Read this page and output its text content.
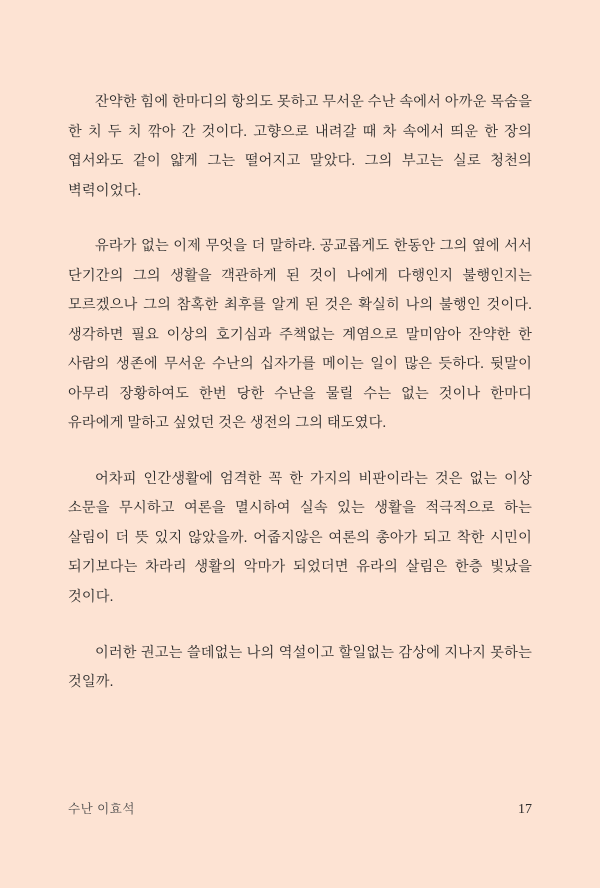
잔약한 힘에 한마디의 항의도 못하고 무서운 수난 속에서 아까운 목숨을 한 치 두 치 깎아 간 것이다. 고향으로 내려갈 때 차 속에서 띄운 한 장의 엽서와도 같이 얇게 그는 떨어지고 말았다. 그의 부고는 실로 청천의 벽력이었다.

유라가 없는 이제 무엇을 더 말하랴. 공교롭게도 한동안 그의 옆에 서서 단기간의 그의 생활을 객관하게 된 것이 나에게 다행인지 불행인지는 모르겠으나 그의 참혹한 최후를 알게 된 것은 확실히 나의 불행인 것이다. 생각하면 필요 이상의 호기심과 주책없는 계염으로 말미암아 잔약한 한 사람의 생존에 무서운 수난의 십자가를 메이는 일이 많은 듯하다. 뒷말이 아무리 장황하여도 한번 당한 수난을 물릴 수는 없는 것이나 한마디 유라에게 말하고 싶었던 것은 생전의 그의 태도였다.

어차피 인간생활에 엄격한 꼭 한 가지의 비판이라는 것은 없는 이상 소문을 무시하고 여론을 멸시하여 실속 있는 생활을 적극적으로 하는 살림이 더 뜻 있지 않았을까. 어줍지않은 여론의 총아가 되고 착한 시민이 되기보다는 차라리 생활의 악마가 되었더면 유라의 살림은 한층 빛났을 것이다.

이러한 권고는 쓸데없는 나의 역설이고 할일없는 감상에 지나지 못하는 것일까.

수난 이효석	17
